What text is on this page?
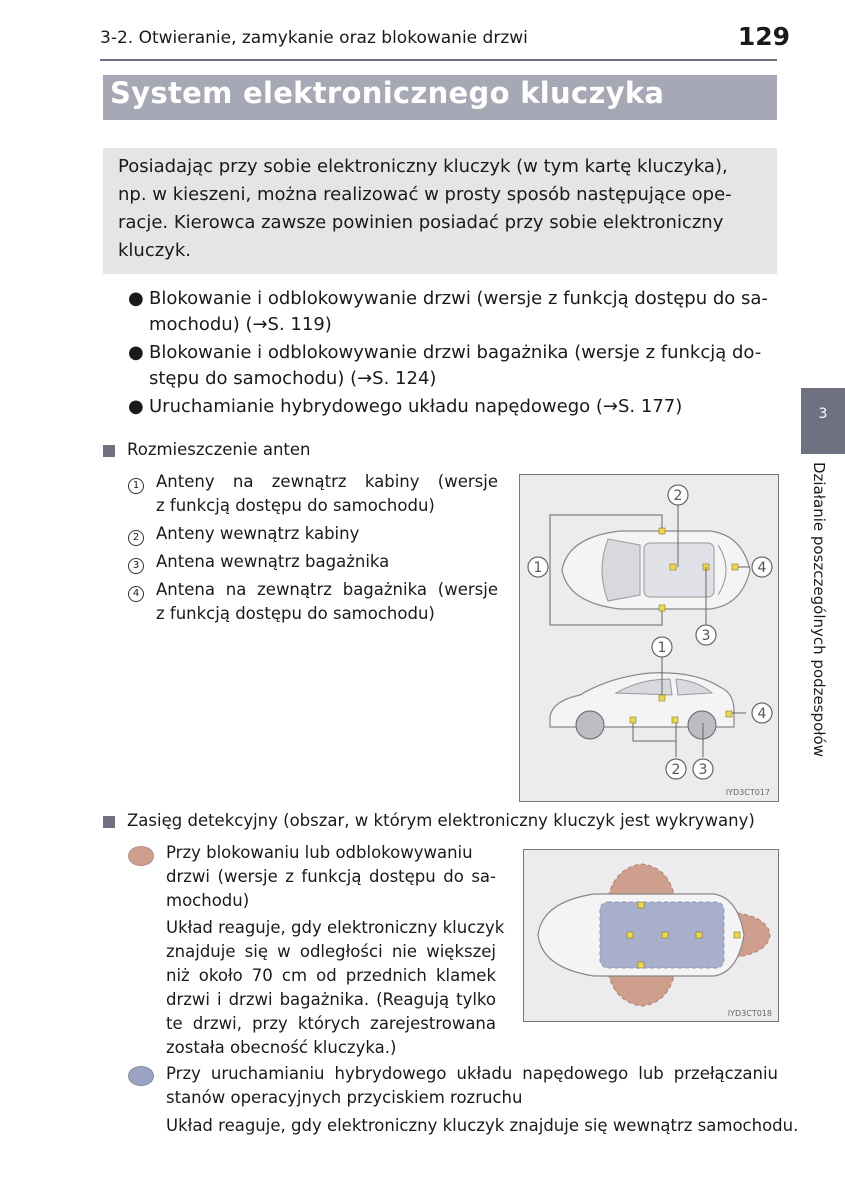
3-2. Otwieranie, zamykanie oraz blokowanie drzwi	129
System elektronicznego kluczyka
Posiadając przy sobie elektroniczny kluczyk (w tym kartę kluczyka),
np. w kieszeni, można realizować w prosty sposób następujące ope-
racje. Kierowca zawsze powinien posiadać przy sobie elektroniczny
kluczyk.
● Blokowanie i odblokowywanie drzwi (wersje z funkcją dostępu do sa-
mochodu) (→S. 119)
● Blokowanie i odblokowywanie drzwi bagażnika (wersje z funkcją do-
stępu do samochodu) (→S. 124)
● Uruchamianie hybrydowego układu napędowego (→S. 177)
Rozmieszczenie anten
1 Anteny na zewnątrz kabiny (wersje
z funkcją dostępu do samochodu)
2 Anteny wewnątrz kabiny
3 Antena wewnątrz bagażnika
4 Antena na zewnątrz bagażnika (wersje
z funkcją dostępu do samochodu)
1
2
3
4
1
4
2 3
IYD3CT017
Zasięg detekcyjny (obszar, w którym elektroniczny kluczyk jest wykrywany)
Przy blokowaniu lub odblokowywaniu
drzwi (wersje z funkcją dostępu do sa-
mochodu)
Układ reaguje, gdy elektroniczny kluczyk
znajduje się w odległości nie większej
niż około 70 cm od przednich klamek
drzwi i drzwi bagażnika. (Reagują tylko
te drzwi, przy których zarejestrowana
została obecność kluczyka.)
IYD3CT018
Przy uruchamianiu hybrydowego układu napędowego lub przełączaniu
stanów operacyjnych przyciskiem rozruchu
Układ reaguje, gdy elektroniczny kluczyk znajduje się wewnątrz samochodu.
3
Działanie poszczególnych podzespołów
